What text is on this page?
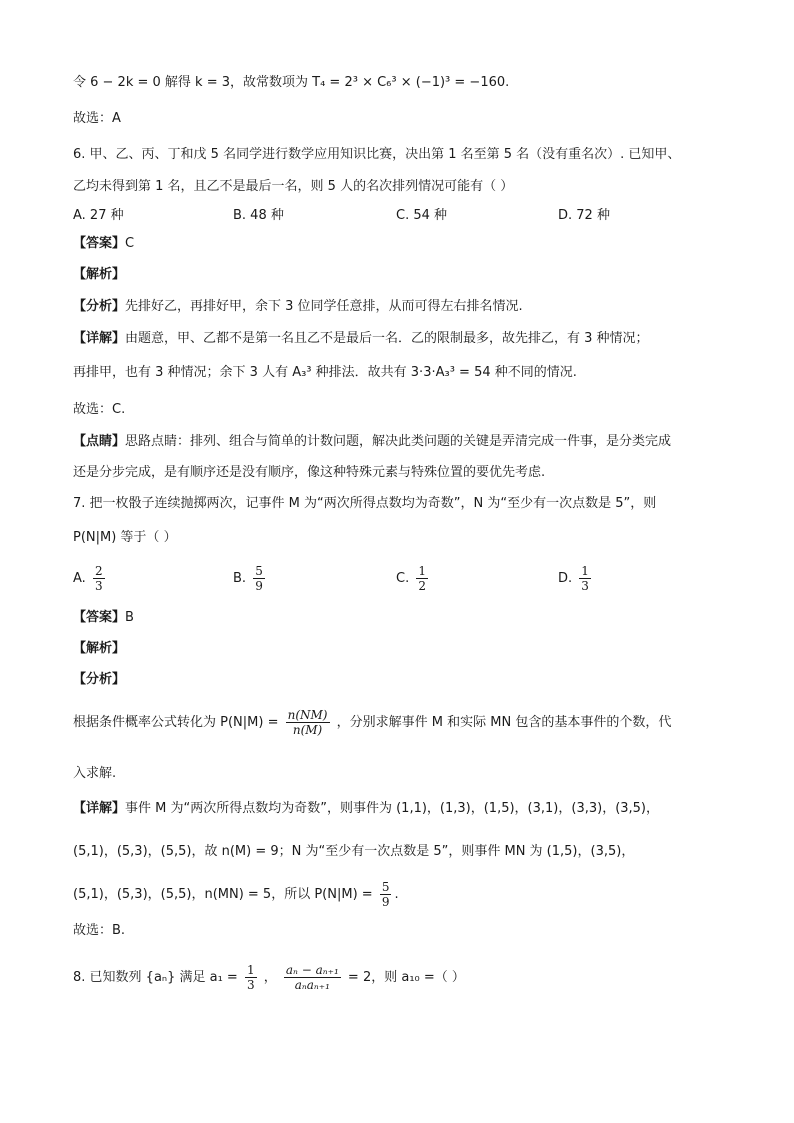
令 6 − 2k = 0 解得 k = 3，故常数项为 T₄ = 2³ × C₆³ × (−1)³ = −160.
故选：A
6. 甲、乙、丙、丁和戊 5 名同学进行数学应用知识比赛，决出第 1 名至第 5 名（没有重名次）. 已知甲、
乙均未得到第 1 名，且乙不是最后一名，则 5 人的名次排列情况可能有（ ）
A. 27 种	B. 48 种	C. 54 种	D. 72 种
【答案】C
【解析】
【分析】先排好乙，再排好甲，余下 3 位同学任意排，从而可得左右排名情况.
【详解】由题意，甲、乙都不是第一名且乙不是最后一名．乙的限制最多，故先排乙，有 3 种情况；
再排甲，也有 3 种情况；余下 3 人有 A₃³ 种排法．故共有 3·3·A₃³ = 54 种不同的情况.
故选：C.
【点睛】思路点睛：排列、组合与简单的计数问题，解决此类问题的关键是弄清完成一件事，是分类完成
还是分步完成，是有顺序还是没有顺序，像这种特殊元素与特殊位置的要优先考虑.
7. 把一枚骰子连续抛掷两次，记事件 M 为“两次所得点数均为奇数”，N 为“至少有一次点数是 5”，则
P(N|M) 等于（ ）
A. $\frac{2}{3}$	B. $\frac{5}{9}$	C. $\frac{1}{2}$	D. $\frac{1}{3}$
【答案】B
【解析】
【分析】
根据条件概率公式转化为 $P(N|M) = \frac{n(NM)}{n(M)}$ ，分别求解事件 M 和实际 MN 包含的基本事件的个数，代
入求解.
【详解】事件 M 为“两次所得点数均为奇数”，则事件为 (1,1)，(1,3)，(1,5)，(3,1)，(3,3)，(3,5)，
(5,1)，(5,3)，(5,5)，故 n(M) = 9；N 为“至少有一次点数是 5”，则事件 MN 为 (1,5)，(3,5)，
(5,1)，(5,3)，(5,5)，n(MN) = 5，所以 $P(N|M) = \frac{5}{9}$ .
故选：B.
8. 已知数列 {aₙ} 满足 $a_1 = \frac{1}{3}$ ， $\frac{\text{aₙ − aₙ₊₁}}{\text{aₙaₙ₊₁}} = 2$，则 a₁₀ =（ ）
